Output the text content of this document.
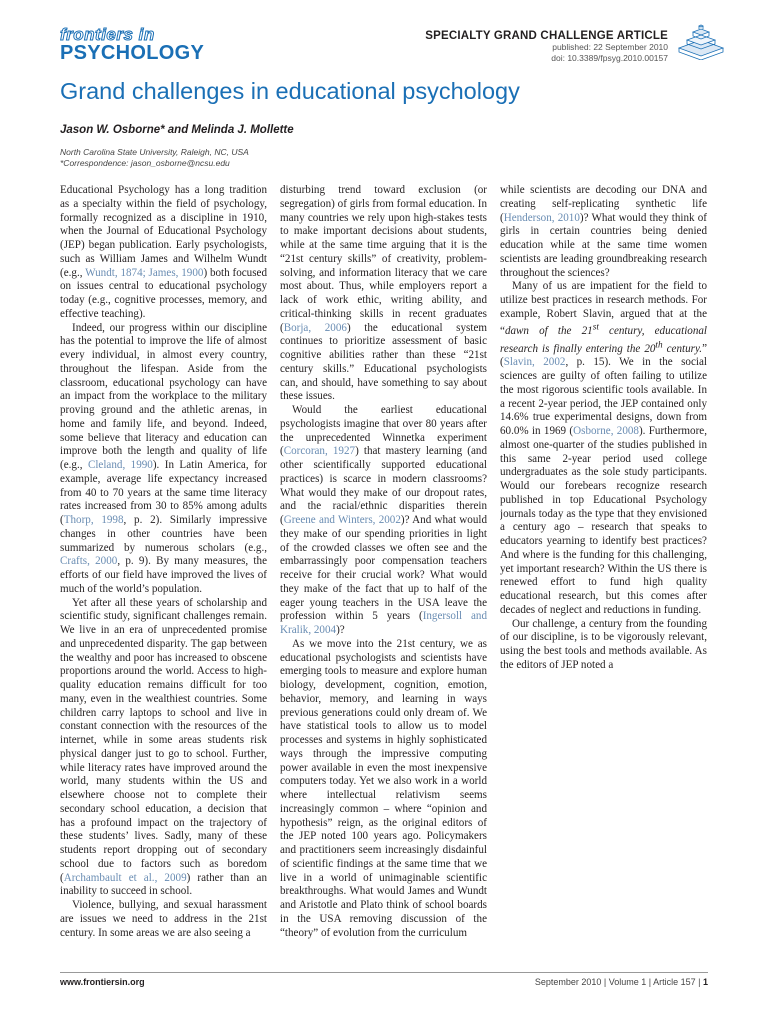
frontiers in
PSYCHOLOGY
SPECIALTY GRAND CHALLENGE ARTICLE
published: 22 September 2010
doi: 10.3389/fpsyg.2010.00157
Grand challenges in educational psychology
Jason W. Osborne* and Melinda J. Mollette
North Carolina State University, Raleigh, NC, USA
*Correspondence: jason_osborne@ncsu.edu

Educational Psychology has a long tradition as a specialty within the field of psychology, formally recognized as a discipline in 1910, when the Journal of Educational Psychology (JEP) began publication. Early psychologists, such as William James and Wilhelm Wundt (e.g., Wundt, 1874; James, 1900) both focused on issues central to educational psychology today (e.g., cognitive processes, memory, and effective teaching).

Indeed, our progress within our discipline has the potential to improve the life of almost every individual, in almost every country, throughout the lifespan. Aside from the classroom, educational psychology can have an impact from the workplace to the military proving ground and the athletic arenas, in home and family life, and beyond. Indeed, some believe that literacy and education can improve both the length and quality of life (e.g., Cleland, 1990). In Latin America, for example, average life expectancy increased from 40 to 70 years at the same time literacy rates increased from 30 to 85% among adults (Thorp, 1998, p. 2). Similarly impressive changes in other countries have been summarized by numerous scholars (e.g., Crafts, 2000, p. 9). By many measures, the efforts of our field have improved the lives of much of the world’s population.

Yet after all these years of scholarship and scientific study, significant challenges remain. We live in an era of unprecedented promise and unprecedented disparity. The gap between the wealthy and poor has increased to obscene proportions around the world. Access to high-quality education remains difficult for too many, even in the wealthiest countries. Some children carry laptops to school and live in constant connection with the resources of the internet, while in some areas students risk physical danger just to go to school. Further, while literacy rates have improved around the world, many students within the US and elsewhere choose not to complete their secondary school education, a decision that has a profound impact on the trajectory of these students’ lives. Sadly, many of these students report dropping out of secondary school due to factors such as boredom (Archambault et al., 2009) rather than an inability to succeed in school.

Violence, bullying, and sexual harassment are issues we need to address in the 21st century. In some areas we are also seeing a

disturbing trend toward exclusion (or segregation) of girls from formal education. In many countries we rely upon high-stakes tests to make important decisions about students, while at the same time arguing that it is the “21st century skills” of creativity, problem-solving, and information literacy that we care most about. Thus, while employers report a lack of work ethic, writing ability, and critical-thinking skills in recent graduates (Borja, 2006) the educational system continues to prioritize assessment of basic cognitive abilities rather than these “21st century skills.” Educational psychologists can, and should, have something to say about these issues.

Would the earliest educational psychologists imagine that over 80 years after the unprecedented Winnetka experiment (Corcoran, 1927) that mastery learning (and other scientifically supported educational practices) is scarce in modern classrooms? What would they make of our dropout rates, and the racial/ethnic disparities therein (Greene and Winters, 2002)? And what would they make of our spending priorities in light of the crowded classes we often see and the embarrassingly poor compensation teachers receive for their crucial work? What would they make of the fact that up to half of the eager young teachers in the USA leave the profession within 5 years (Ingersoll and Kralik, 2004)?

As we move into the 21st century, we as educational psychologists and scientists have emerging tools to measure and explore human biology, development, cognition, emotion, behavior, memory, and learning in ways previous generations could only dream of. We have statistical tools to allow us to model processes and systems in highly sophisticated ways through the impressive computing power available in even the most inexpensive computers today. Yet we also work in a world where intellectual relativism seems increasingly common – where “opinion and hypothesis” reign, as the original editors of the JEP noted 100 years ago. Policymakers and practitioners seem increasingly disdainful of scientific findings at the same time that we live in a world of unimaginable scientific breakthroughs. What would James and Wundt and Aristotle and Plato think of school boards in the USA removing discussion of the “theory” of evolution from the curriculum

while scientists are decoding our DNA and creating self-replicating synthetic life (Henderson, 2010)? What would they think of girls in certain countries being denied education while at the same time women scientists are leading groundbreaking research throughout the sciences?

Many of us are impatient for the field to utilize best practices in research methods. For example, Robert Slavin, argued that at the “dawn of the 21st century, educational research is finally entering the 20th century.” (Slavin, 2002, p. 15). We in the social sciences are guilty of often failing to utilize the most rigorous scientific tools available. In a recent 2-year period, the JEP contained only 14.6% true experimental designs, down from 60.0% in 1969 (Osborne, 2008). Furthermore, almost one-quarter of the studies published in this same 2-year period used college undergraduates as the sole study participants. Would our forebears recognize research published in top Educational Psychology journals today as the type that they envisioned a century ago – research that speaks to educators yearning to identify best practices? And where is the funding for this challenging, yet important research? Within the US there is renewed effort to fund high quality educational research, but this comes after decades of neglect and reductions in funding.

Our challenge, a century from the founding of our discipline, is to be vigorously relevant, using the best tools and methods available. As the editors of JEP noted a

www.frontiersin.org	September 2010 | Volume 1 | Article 157 | 1
